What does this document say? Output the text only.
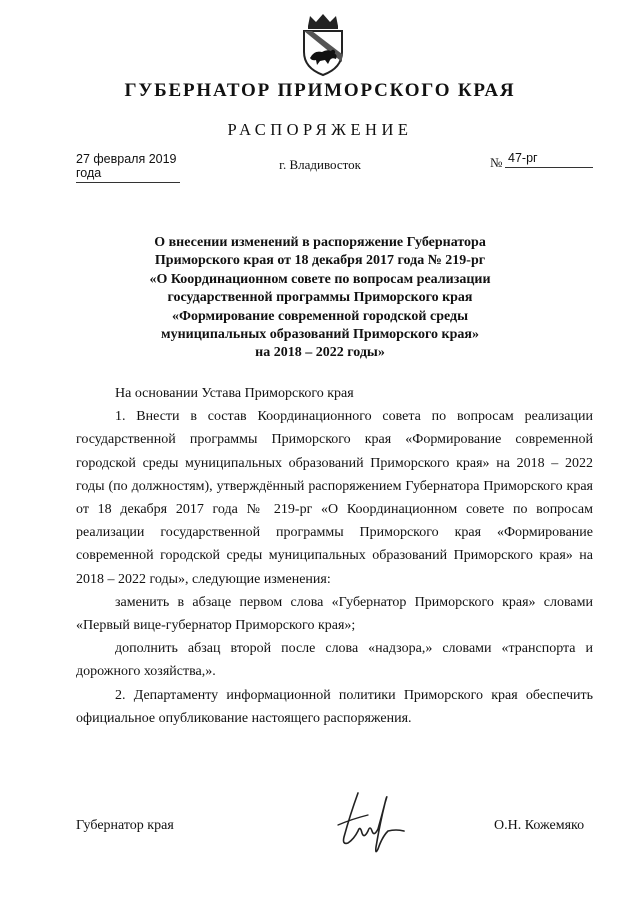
ГУБЕРНАТОР ПРИМОРСКОГО КРАЯ
РАСПОРЯЖЕНИЕ
27 февраля 2019 года
г. Владивосток	№ 47-рг
О внесении изменений в распоряжение Губернатора
Приморского края от 18 декабря 2017 года № 219-рг
«О Координационном совете по вопросам реализации
государственной программы Приморского края
«Формирование современной городской среды
муниципальных образований Приморского края»
на 2018 – 2022 годы»

На основании Устава Приморского края

1. Внести в состав Координационного совета по вопросам реализации государственной программы Приморского края «Формирование современной городской среды муниципальных образований Приморского края» на 2018 – 2022 годы (по должностям), утверждённый распоряжением Губернатора Приморского края от 18 декабря 2017 года № 219-рг «О Координационном совете по вопросам реализации государственной программы Приморского края «Формирование современной городской среды муниципальных образований Приморского края» на 2018 – 2022 годы», следующие изменения:

заменить в абзаце первом слова «Губернатор Приморского края» словами «Первый вице-губернатор Приморского края»;

дополнить абзац второй после слова «надзора,» словами «транспорта и дорожного хозяйства,».

2. Департаменту информационной политики Приморского края обеспечить официальное опубликование настоящего распоряжения.

Губернатор края	О.Н. Кожемяко
